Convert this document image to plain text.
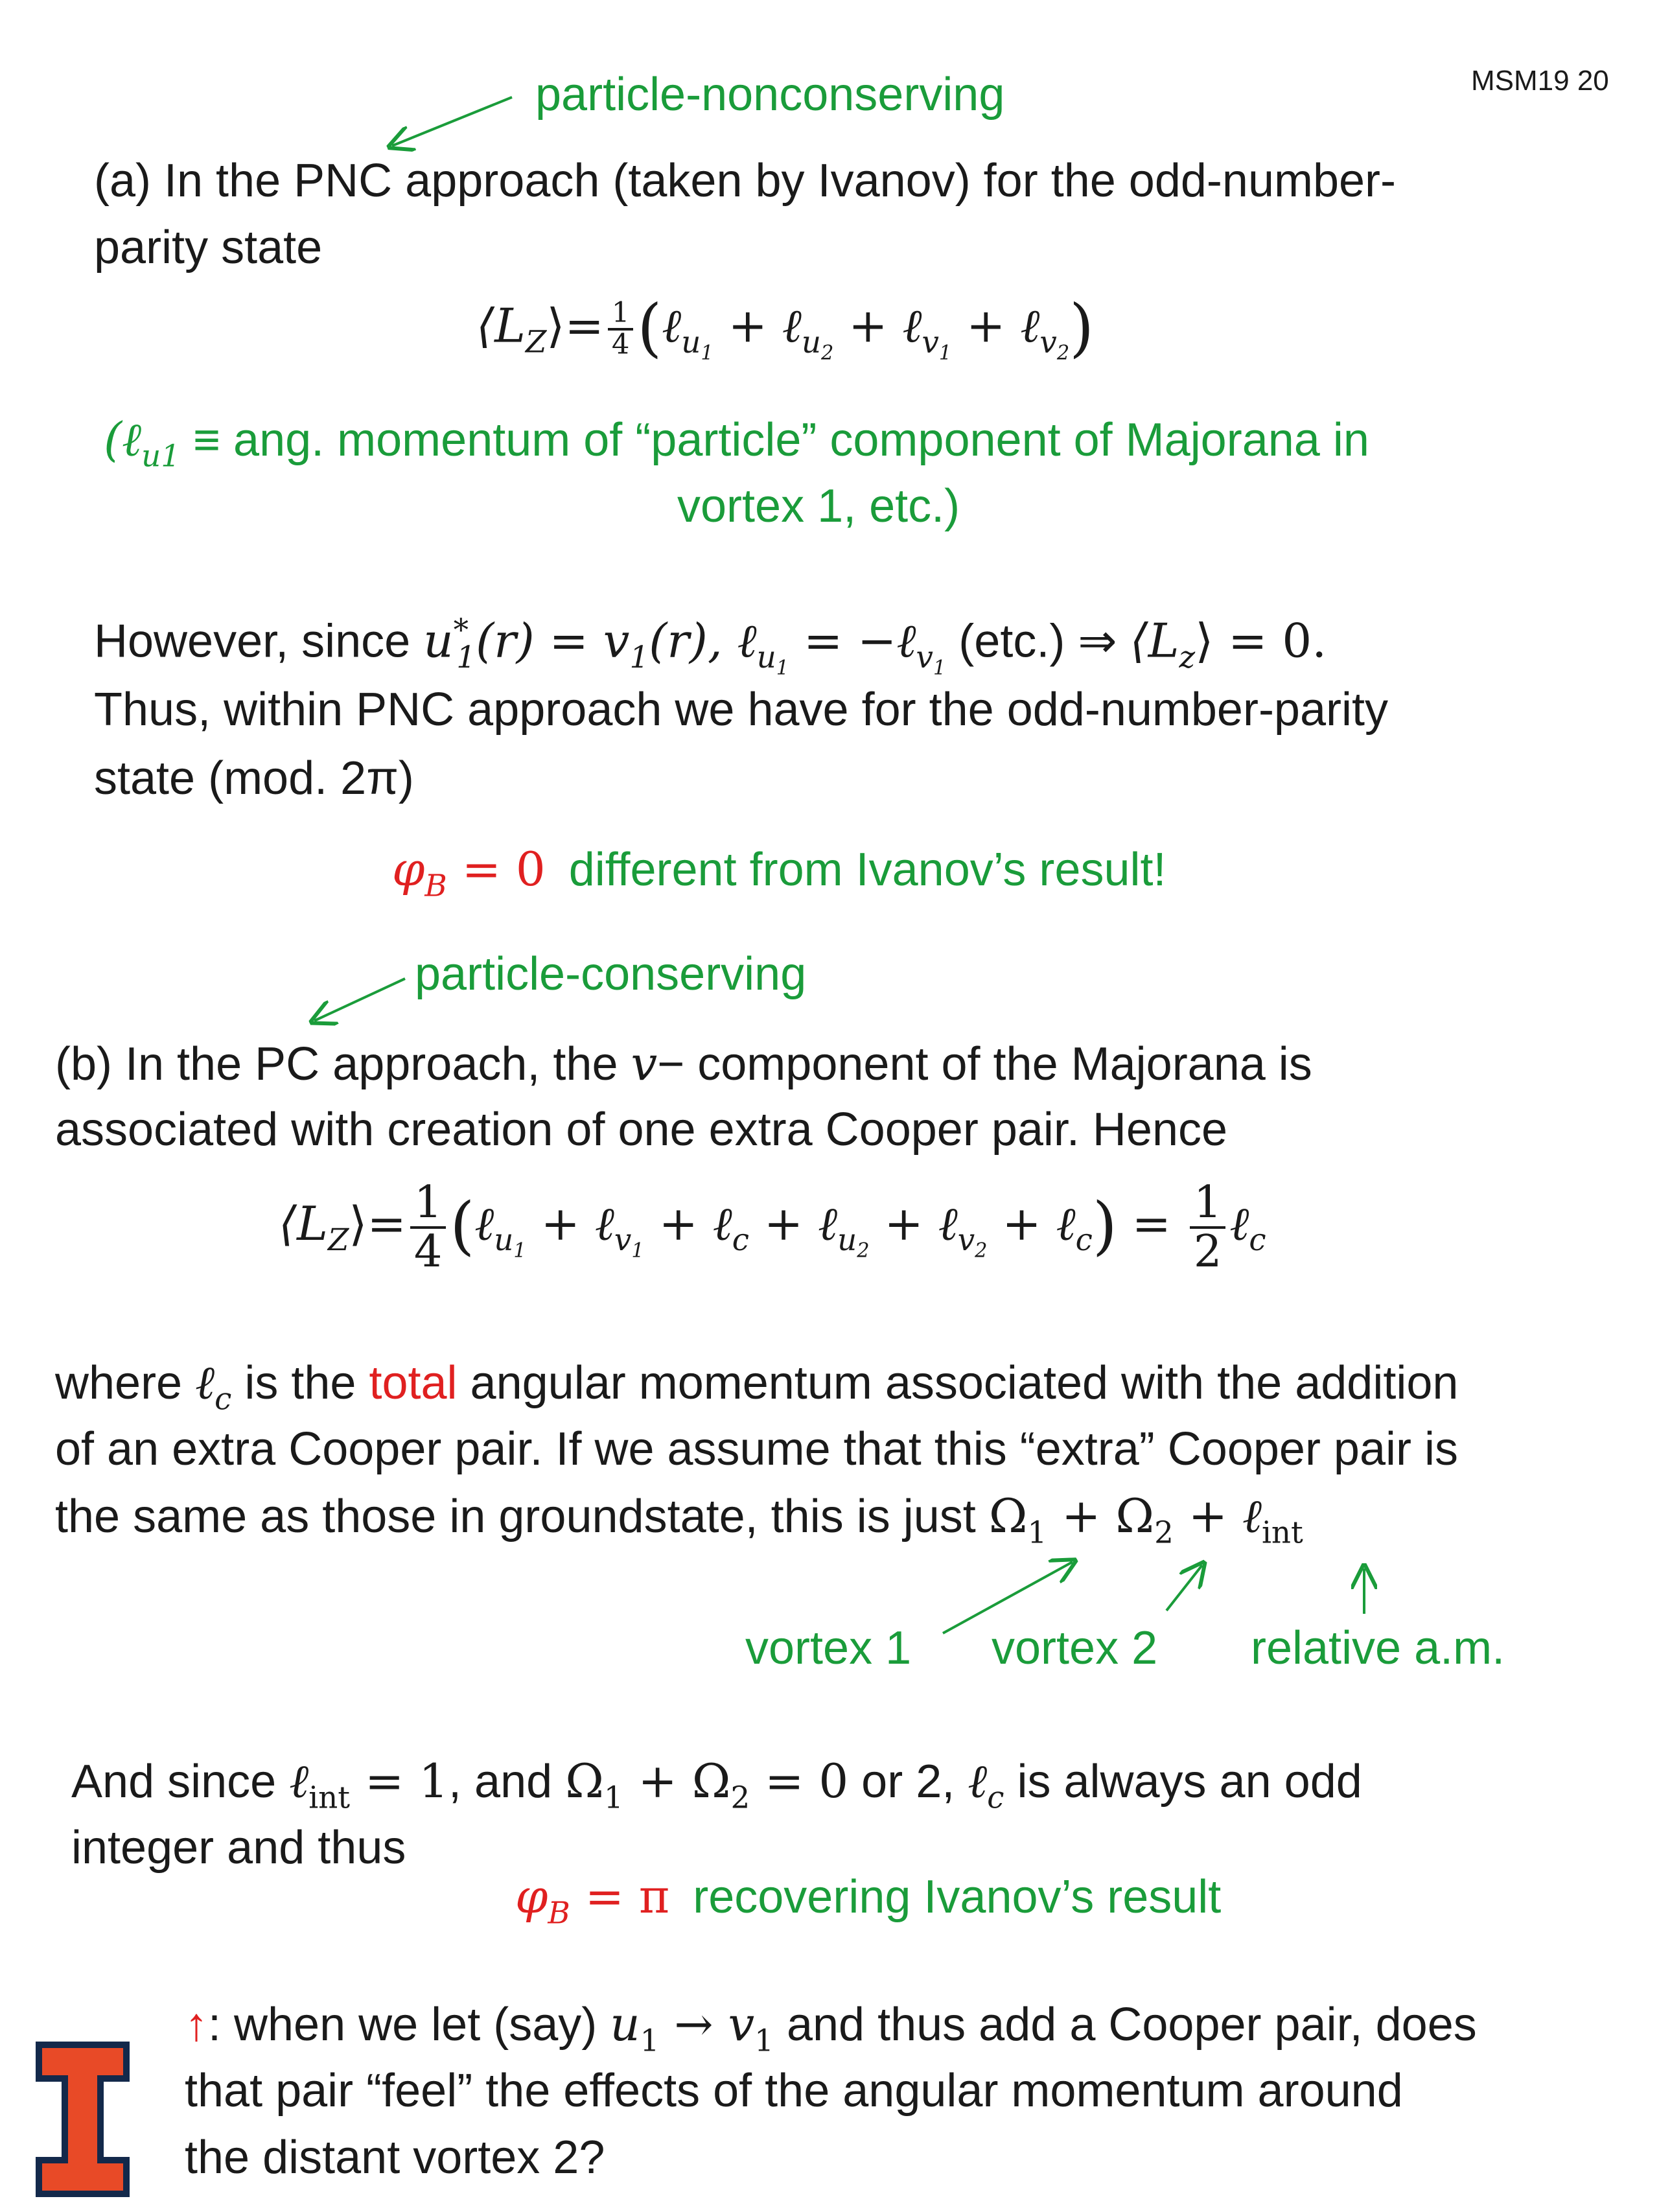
MSM19 20
particle-nonconserving
(a) In the PNC approach (taken by Ivanov) for the odd-number-
parity state
$⟨L_Z⟩= \frac{1}{4}$ (ℓ$_{u_1}$ + ℓ$_{u_2}$ + ℓ$_{v_1}$ + ℓ$_{v_2}$)
(ℓ$_{u1}$ ≡ ang. momentum of “particle” component of Majorana in
vortex 1, etc.)
However, since $u^*_1(r) = v_1(r)$, ℓ$_{u_1}$ = −ℓ$_{v_1}$ (etc.) ⇒ $⟨L_z⟩ = 0$.
Thus, within PNC approach we have for the odd-number-parity
state (mod. 2π)
$\varphi_B = 0$ different from Ivanov’s result!
particle-conserving
(b) In the PC approach, the v− component of the Majorana is
associated with creation of one extra Cooper pair. Hence
$⟨L_Z⟩= \frac{1}{4}$ (ℓ$_{u_1}$ + ℓ$_{v_1}$ + ℓ$_c$ + ℓ$_{u_2}$ + ℓ$_{v_2}$ + ℓ$_c$) = $\frac{1}{2}$ ℓ$_c$
where ℓ$_c$ is the total angular momentum associated with the addition
of an extra Cooper pair. If we assume that this “extra” Cooper pair is
the same as those in groundstate, this is just $\Omega_1 + \Omega_2$ + ℓ$_{int}$
vortex 1 vortex 2 relative a.m.
And since ℓ$_{int}$ = 1, and $\Omega_1 + \Omega_2 = 0$ or 2, ℓ$_c$ is always an odd
integer and thus
$\varphi_B = \pi$ recovering Ivanov’s result
↑: when we let (say) $u_1 \to v_1$ and thus add a Cooper pair, does
that pair “feel” the effects of the angular momentum around
the distant vortex 2?
